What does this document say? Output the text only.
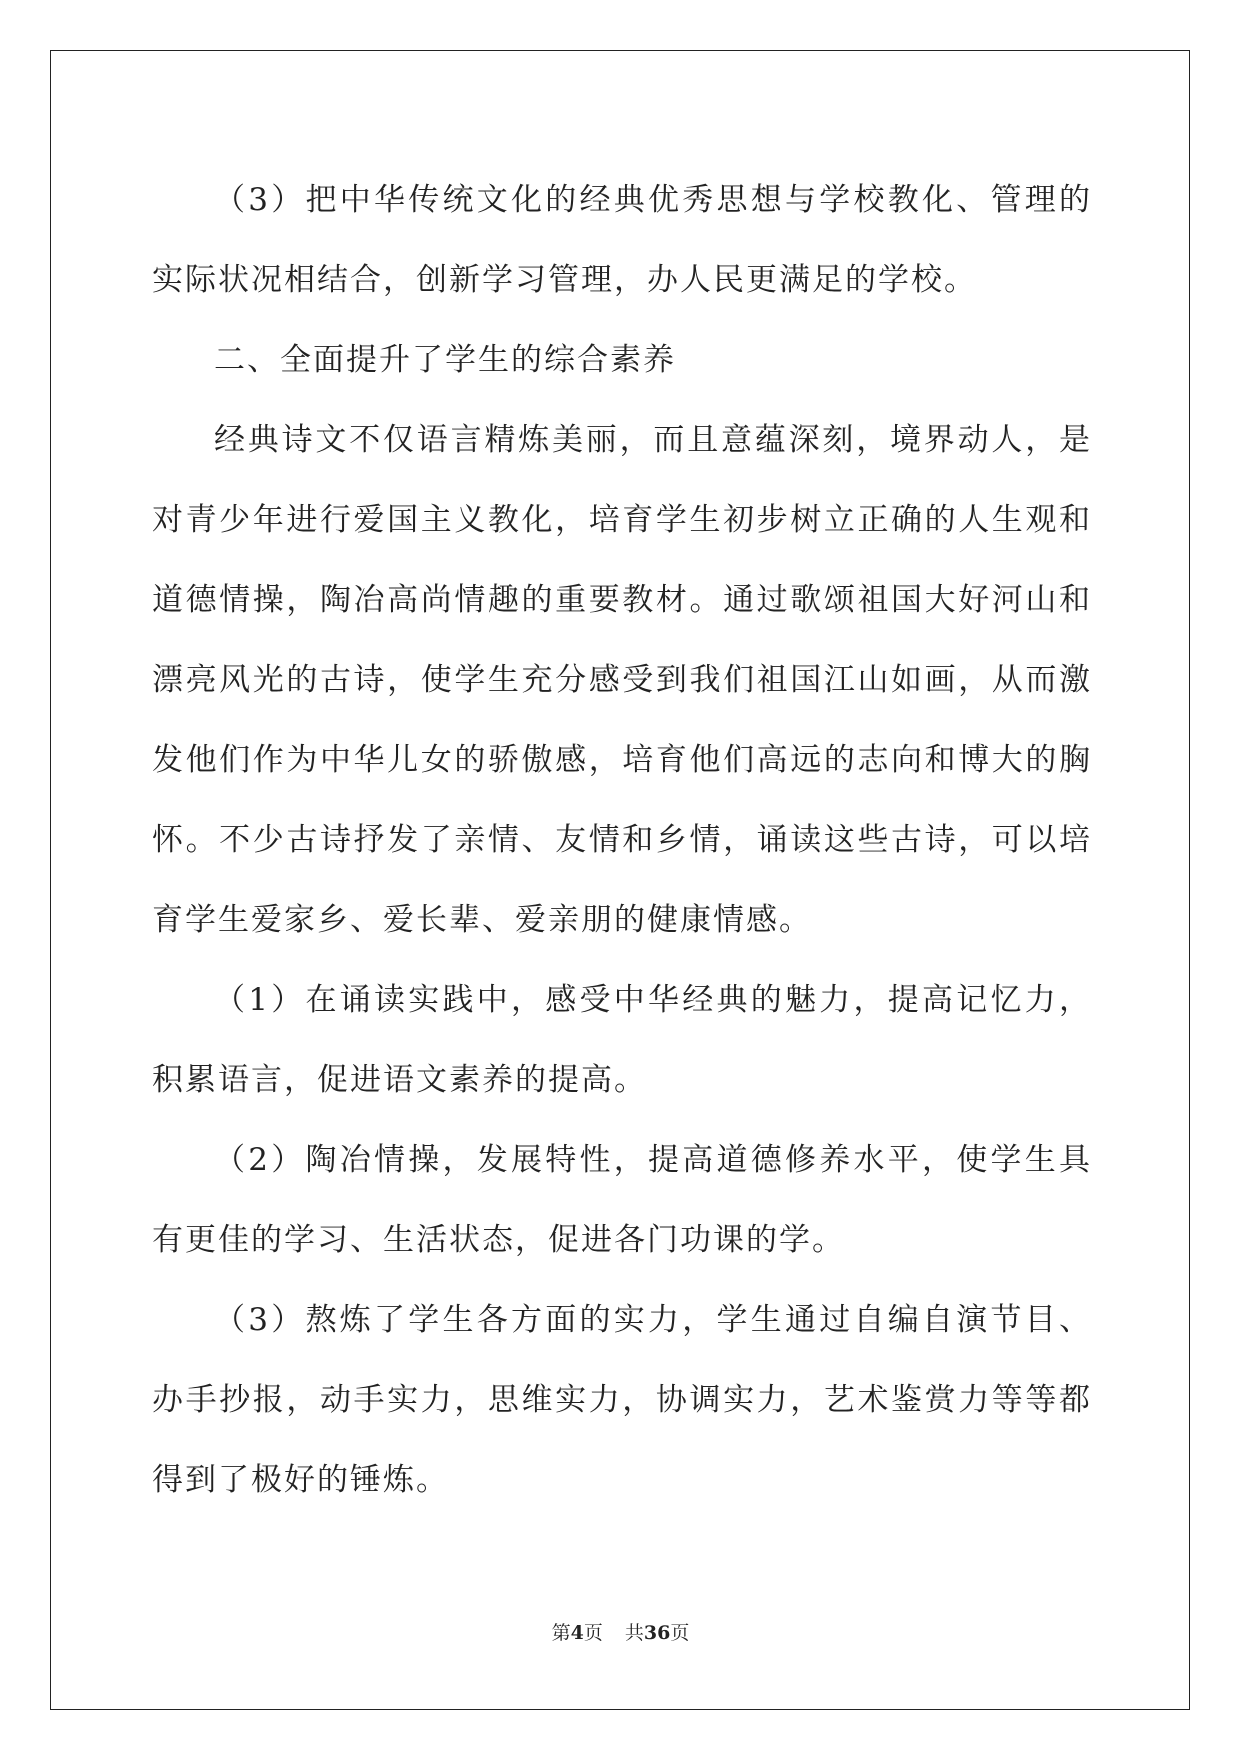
（3）把中华传统文化的经典优秀思想与学校教化、管理的实际状况相结合，创新学习管理，办人民更满足的学校。

二、全面提升了学生的综合素养

经典诗文不仅语言精炼美丽，而且意蕴深刻，境界动人，是对青少年进行爱国主义教化，培育学生初步树立正确的人生观和道德情操，陶冶高尚情趣的重要教材。通过歌颂祖国大好河山和漂亮风光的古诗，使学生充分感受到我们祖国江山如画，从而激发他们作为中华儿女的骄傲感，培育他们高远的志向和博大的胸怀。不少古诗抒发了亲情、友情和乡情，诵读这些古诗，可以培育学生爱家乡、爱长辈、爱亲朋的健康情感。

（1）在诵读实践中，感受中华经典的魅力，提高记忆力，积累语言，促进语文素养的提高。

（2）陶冶情操，发展特性，提高道德修养水平，使学生具有更佳的学习、生活状态，促进各门功课的学。

（3）熬炼了学生各方面的实力，学生通过自编自演节目、办手抄报，动手实力，思维实力，协调实力，艺术鉴赏力等等都得到了极好的锤炼。

第4页 共36页
